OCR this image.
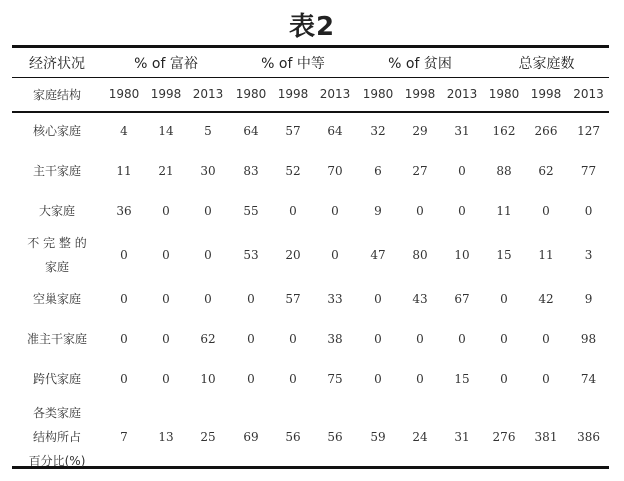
表2
经济状况	% of 富裕			% of 中等			% of 贫困			总家庭数		
家庭结构	1980	1998	2013	1980	1998	2013	1980	1998	2013	1980	1998	2013
核心家庭	4	14	5	64	57	64	32	29	31	162	266	127
主干家庭	11	21	30	83	52	70	6	27	0	88	62	77
大家庭	36	0	0	55	0	0	9	0	0	11	0	0

不 完 整 的
家庭	0	0	0	53	20	0	47	80	10	15	11	3
空巢家庭	0	0	0	0	57	33	0	43	67	0	42	9
准主干家庭	0	0	62	0	0	38	0	0	0	0	0	98
跨代家庭	0	0	10	0	0	75	0	0	15	0	0	74

各类家庭
结构所占
百分比(%)	7	13	25	69	56	56	59	24	31	276	381	386
